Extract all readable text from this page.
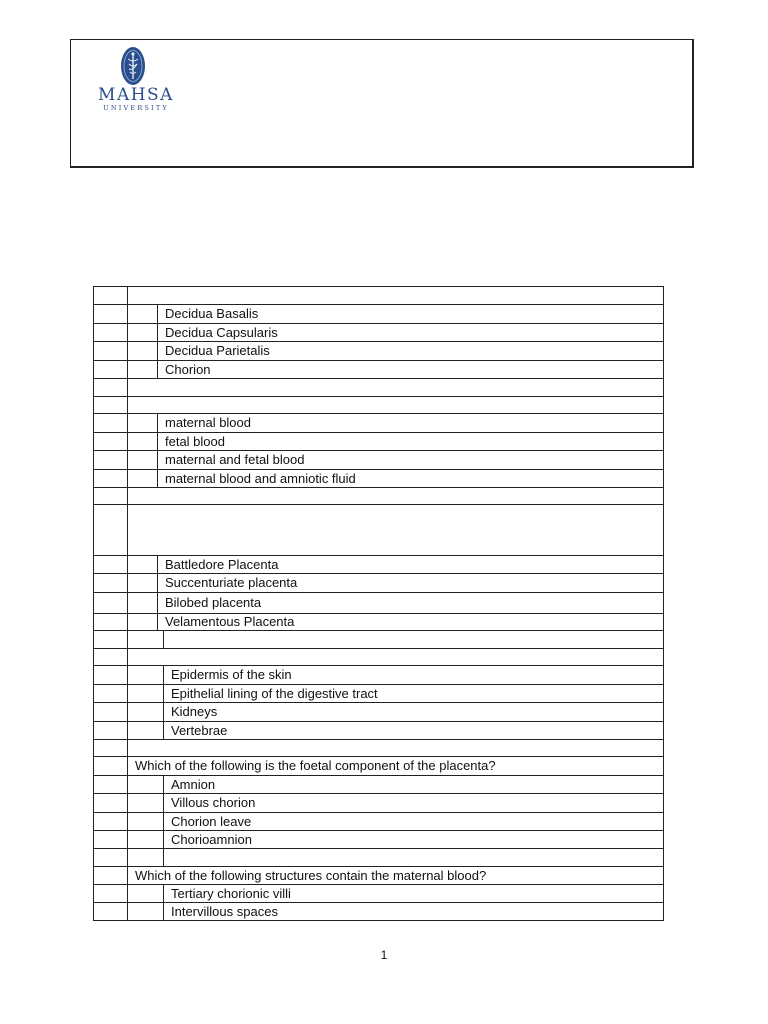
MAHSA
UNIVERSITY

		Decidua Basalis	
		Decidua Capsularis	
		Decidua Parietalis	
		Chorion	

		maternal blood	
		fetal blood	
		maternal and fetal blood	
		maternal blood and amniotic fluid	

		Battledore Placenta	
		Succenturiate placenta	
		Bilobed placenta	
		Velamentous Placenta	

			Epidermis of the skin
			Epithelial lining of the digestive tract
			Kidneys
			Vertebrae

	Which of the following is the foetal component of the placenta?		
			Amnion
			Villous chorion
			Chorion leave
			Chorioamnion

	Which of the following structures contain the maternal blood?		
			Tertiary chorionic villi
			Intervillous spaces
1
